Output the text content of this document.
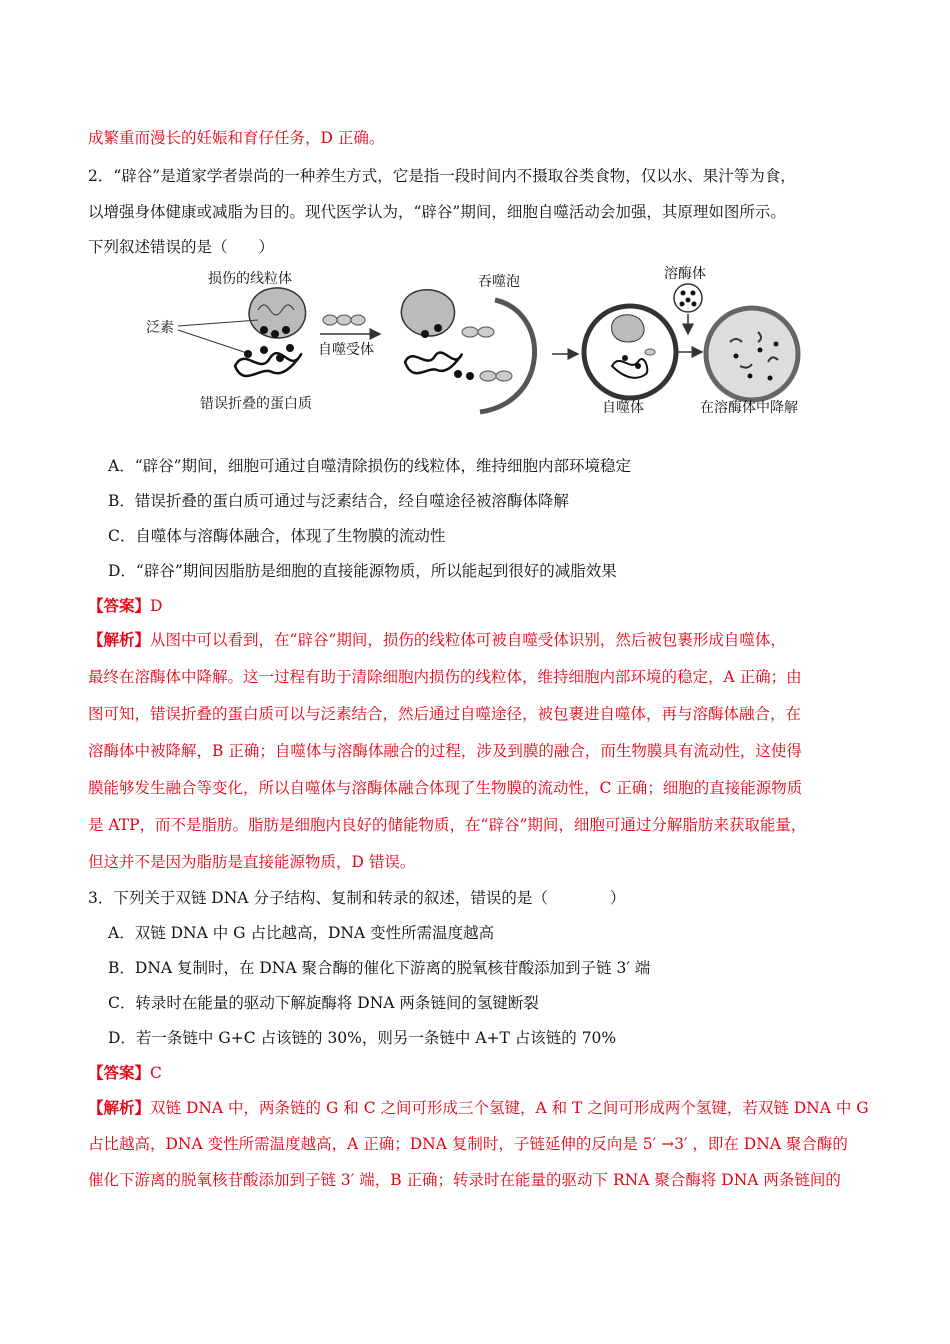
成繁重而漫长的妊娠和育仔任务，D 正确。
2．“辟谷”是道家学者崇尚的一种养生方式，它是指一段时间内不摄取谷类食物，仅以水、果汁等为食，
以增强身体健康或减脂为目的。现代医学认为，“辟谷”期间，细胞自噬活动会加强，其原理如图所示。
下列叙述错误的是（　　）
损伤的线粒体
泛素
错误折叠的蛋白质
自噬受体
吞噬泡
自噬体
溶酶体
在溶酶体中降解
A．“辟谷”期间，细胞可通过自噬清除损伤的线粒体，维持细胞内部环境稳定
B．错误折叠的蛋白质可通过与泛素结合，经自噬途径被溶酶体降解
C．自噬体与溶酶体融合，体现了生物膜的流动性
D．“辟谷”期间因脂肪是细胞的直接能源物质，所以能起到很好的减脂效果
【答案】D
【解析】从图中可以看到，在“辟谷”期间，损伤的线粒体可被自噬受体识别，然后被包裹形成自噬体，
最终在溶酶体中降解。这一过程有助于清除细胞内损伤的线粒体，维持细胞内部环境的稳定，A 正确；由
图可知，错误折叠的蛋白质可以与泛素结合，然后通过自噬途径，被包裹进自噬体，再与溶酶体融合，在
溶酶体中被降解，B 正确；自噬体与溶酶体融合的过程，涉及到膜的融合，而生物膜具有流动性，这使得
膜能够发生融合等变化，所以自噬体与溶酶体融合体现了生物膜的流动性，C 正确；细胞的直接能源物质
是 ATP，而不是脂肪。脂肪是细胞内良好的储能物质，在“辟谷”期间，细胞可通过分解脂肪来获取能量，
但这并不是因为脂肪是直接能源物质，D 错误。
3．下列关于双链 DNA 分子结构、复制和转录的叙述，错误的是（　　　　）
A．双链 DNA 中 G 占比越高，DNA 变性所需温度越高
B．DNA 复制时，在 DNA 聚合酶的催化下游离的脱氧核苷酸添加到子链 3′ 端
C．转录时在能量的驱动下解旋酶将 DNA 两条链间的氢键断裂
D．若一条链中 G+C 占该链的 30%，则另一条链中 A+T 占该链的 70%
【答案】C
【解析】双链 DNA 中，两条链的 G 和 C 之间可形成三个氢键，A 和 T 之间可形成两个氢键，若双链 DNA 中 G
占比越高，DNA 变性所需温度越高，A 正确；DNA 复制时，子链延伸的反向是 5′ →3′ ，即在 DNA 聚合酶的
催化下游离的脱氧核苷酸添加到子链 3′ 端，B 正确；转录时在能量的驱动下 RNA 聚合酶将 DNA 两条链间的
